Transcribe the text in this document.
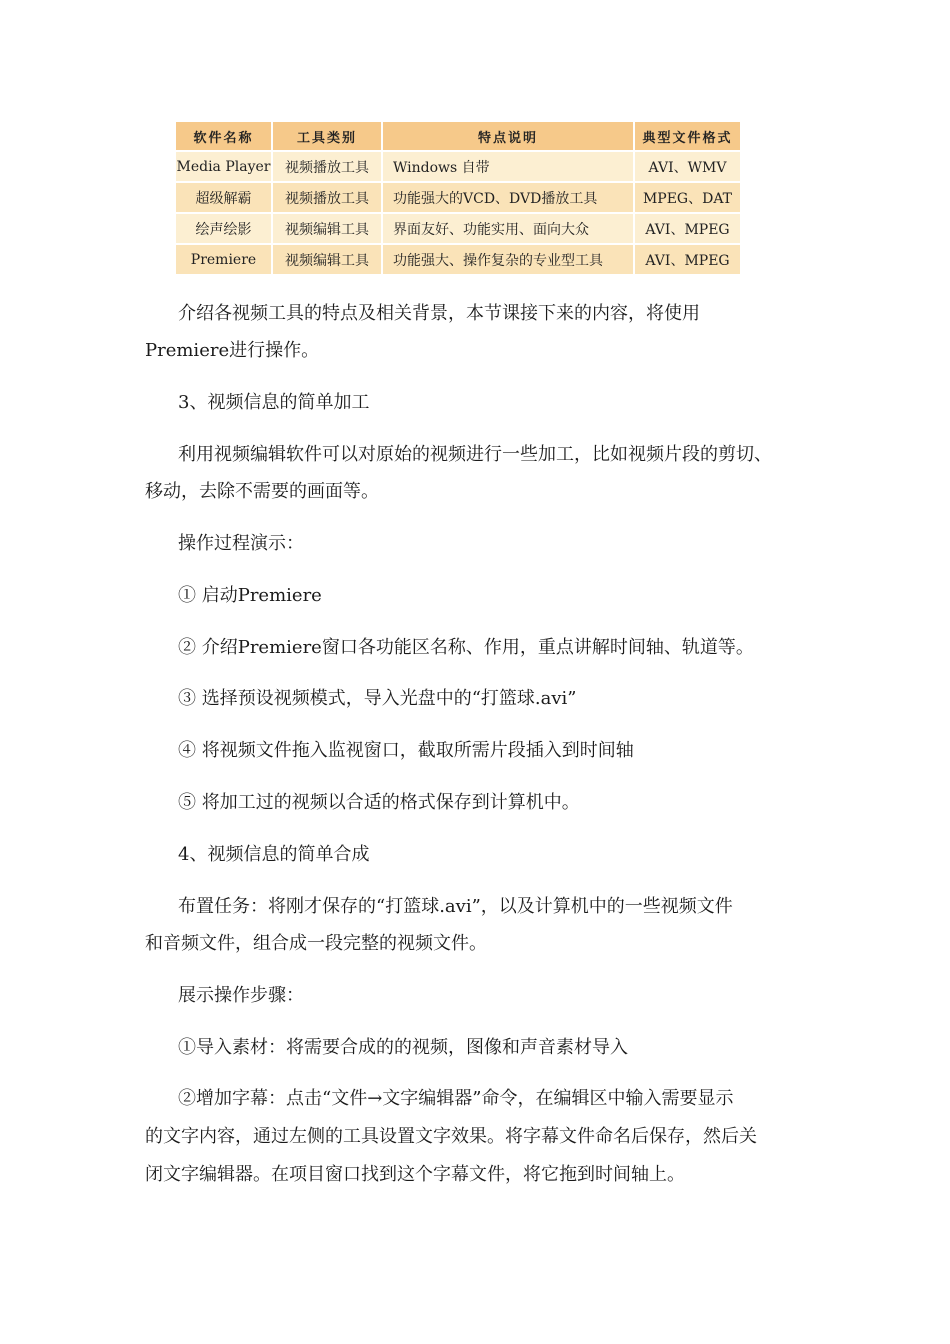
软件名称	工具类别	特点说明	典型文件格式
Media Player	视频播放工具	Windows 自带	AVI、WMV
超级解霸	视频播放工具	功能强大的VCD、DVD播放工具	MPEG、DAT
绘声绘影	视频编辑工具	界面友好、功能实用、面向大众	AVI、MPEG
Premiere	视频编辑工具	功能强大、操作复杂的专业型工具	AVI、MPEG

介绍各视频工具的特点及相关背景，本节课接下来的内容，将使用

Premiere进行操作。

3、视频信息的简单加工

利用视频编辑软件可以对原始的视频进行一些加工，比如视频片段的剪切、

移动，去除不需要的画面等。

操作过程演示：

① 启动Premiere

② 介绍Premiere窗口各功能区名称、作用，重点讲解时间轴、轨道等。

③ 选择预设视频模式，导入光盘中的“打篮球.avi”

④ 将视频文件拖入监视窗口，截取所需片段插入到时间轴

⑤ 将加工过的视频以合适的格式保存到计算机中。

4、视频信息的简单合成

布置任务：将刚才保存的“打篮球.avi”，以及计算机中的一些视频文件

和音频文件，组合成一段完整的视频文件。

展示操作步骤：

①导入素材：将需要合成的的视频，图像和声音素材导入

②增加字幕：点击“文件→文字编辑器”命令，在编辑区中输入需要显示

的文字内容，通过左侧的工具设置文字效果。将字幕文件命名后保存，然后关

闭文字编辑器。在项目窗口找到这个字幕文件，将它拖到时间轴上。
